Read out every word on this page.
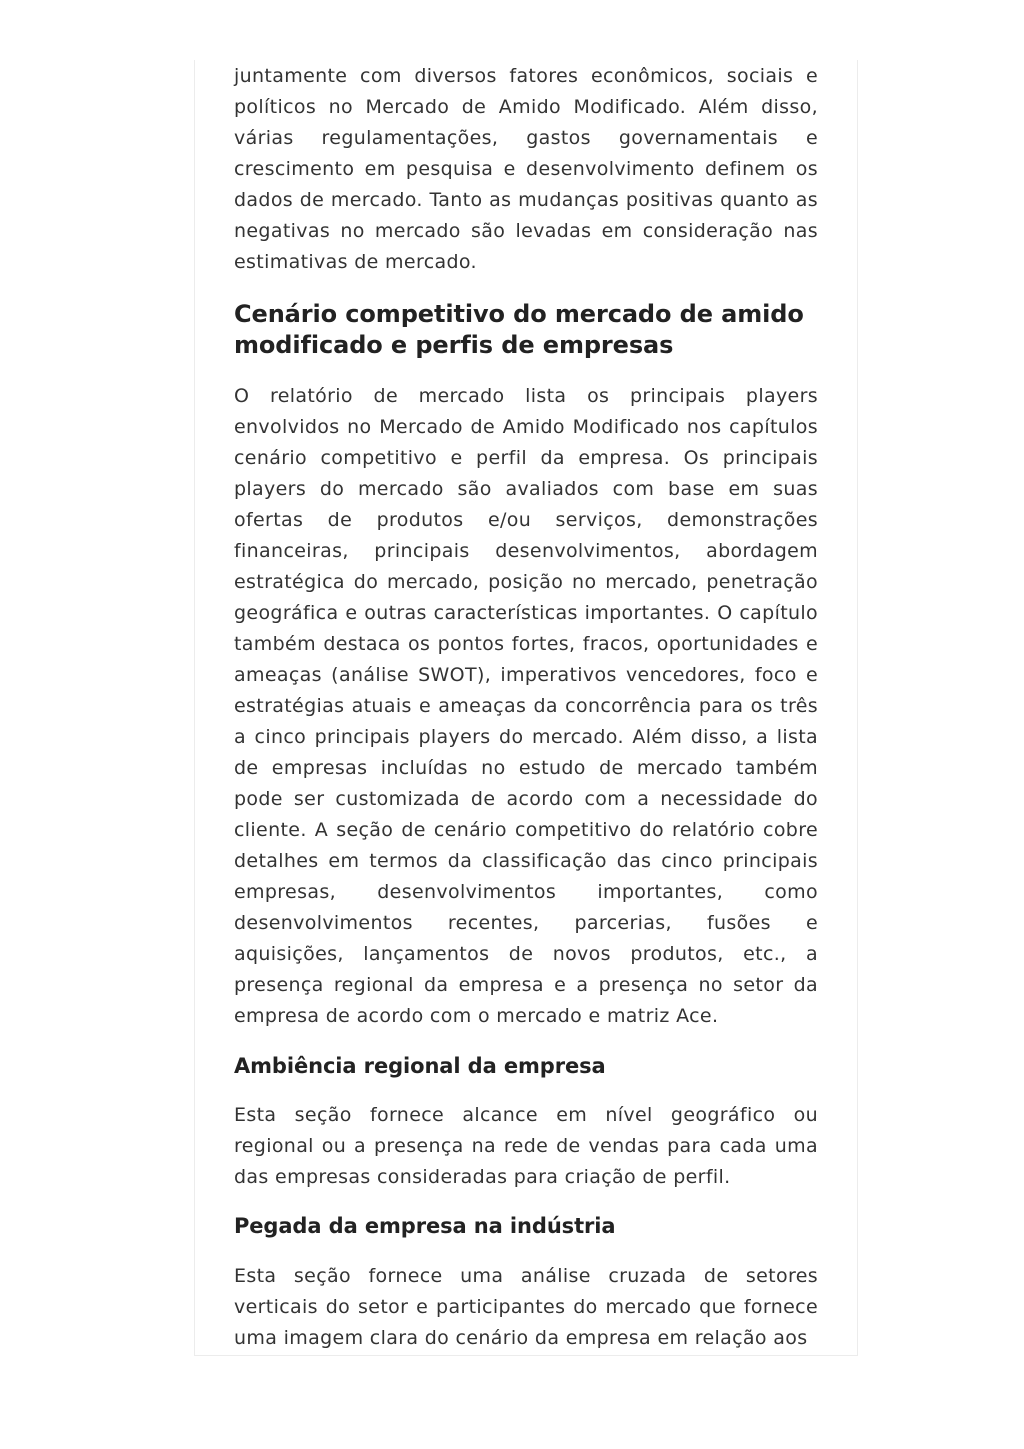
juntamente com diversos fatores econômicos, sociais e políticos no Mercado de Amido Modificado. Além disso, várias regulamentações, gastos governamentais e crescimento em pesquisa e desenvolvimento definem os dados de mercado. Tanto as mudanças positivas quanto as negativas no mercado são levadas em consideração nas estimativas de mercado.

Cenário competitivo do mercado de amido modificado e perfis de empresas

O relatório de mercado lista os principais players envolvidos no Mercado de Amido Modificado nos capítulos cenário competitivo e perfil da empresa. Os principais players do mercado são avaliados com base em suas ofertas de produtos e/ou serviços, demonstrações financeiras, principais desenvolvimentos, abordagem estratégica do mercado, posição no mercado, penetração geográfica e outras características importantes. O capítulo também destaca os pontos fortes, fracos, oportunidades e ameaças (análise SWOT), imperativos vencedores, foco e estratégias atuais e ameaças da concorrência para os três a cinco principais players do mercado. Além disso, a lista de empresas incluídas no estudo de mercado também pode ser customizada de acordo com a necessidade do cliente. A seção de cenário competitivo do relatório cobre detalhes em termos da classificação das cinco principais empresas, desenvolvimentos importantes, como desenvolvimentos recentes, parcerias, fusões e aquisições, lançamentos de novos produtos, etc., a presença regional da empresa e a presença no setor da empresa de acordo com o mercado e matriz Ace.

Ambiência regional da empresa

Esta seção fornece alcance em nível geográfico ou regional ou a presença na rede de vendas para cada uma das empresas consideradas para criação de perfil.

Pegada da empresa na indústria

Esta seção fornece uma análise cruzada de setores verticais do setor e participantes do mercado que fornece uma imagem clara do cenário da empresa em relação aos
